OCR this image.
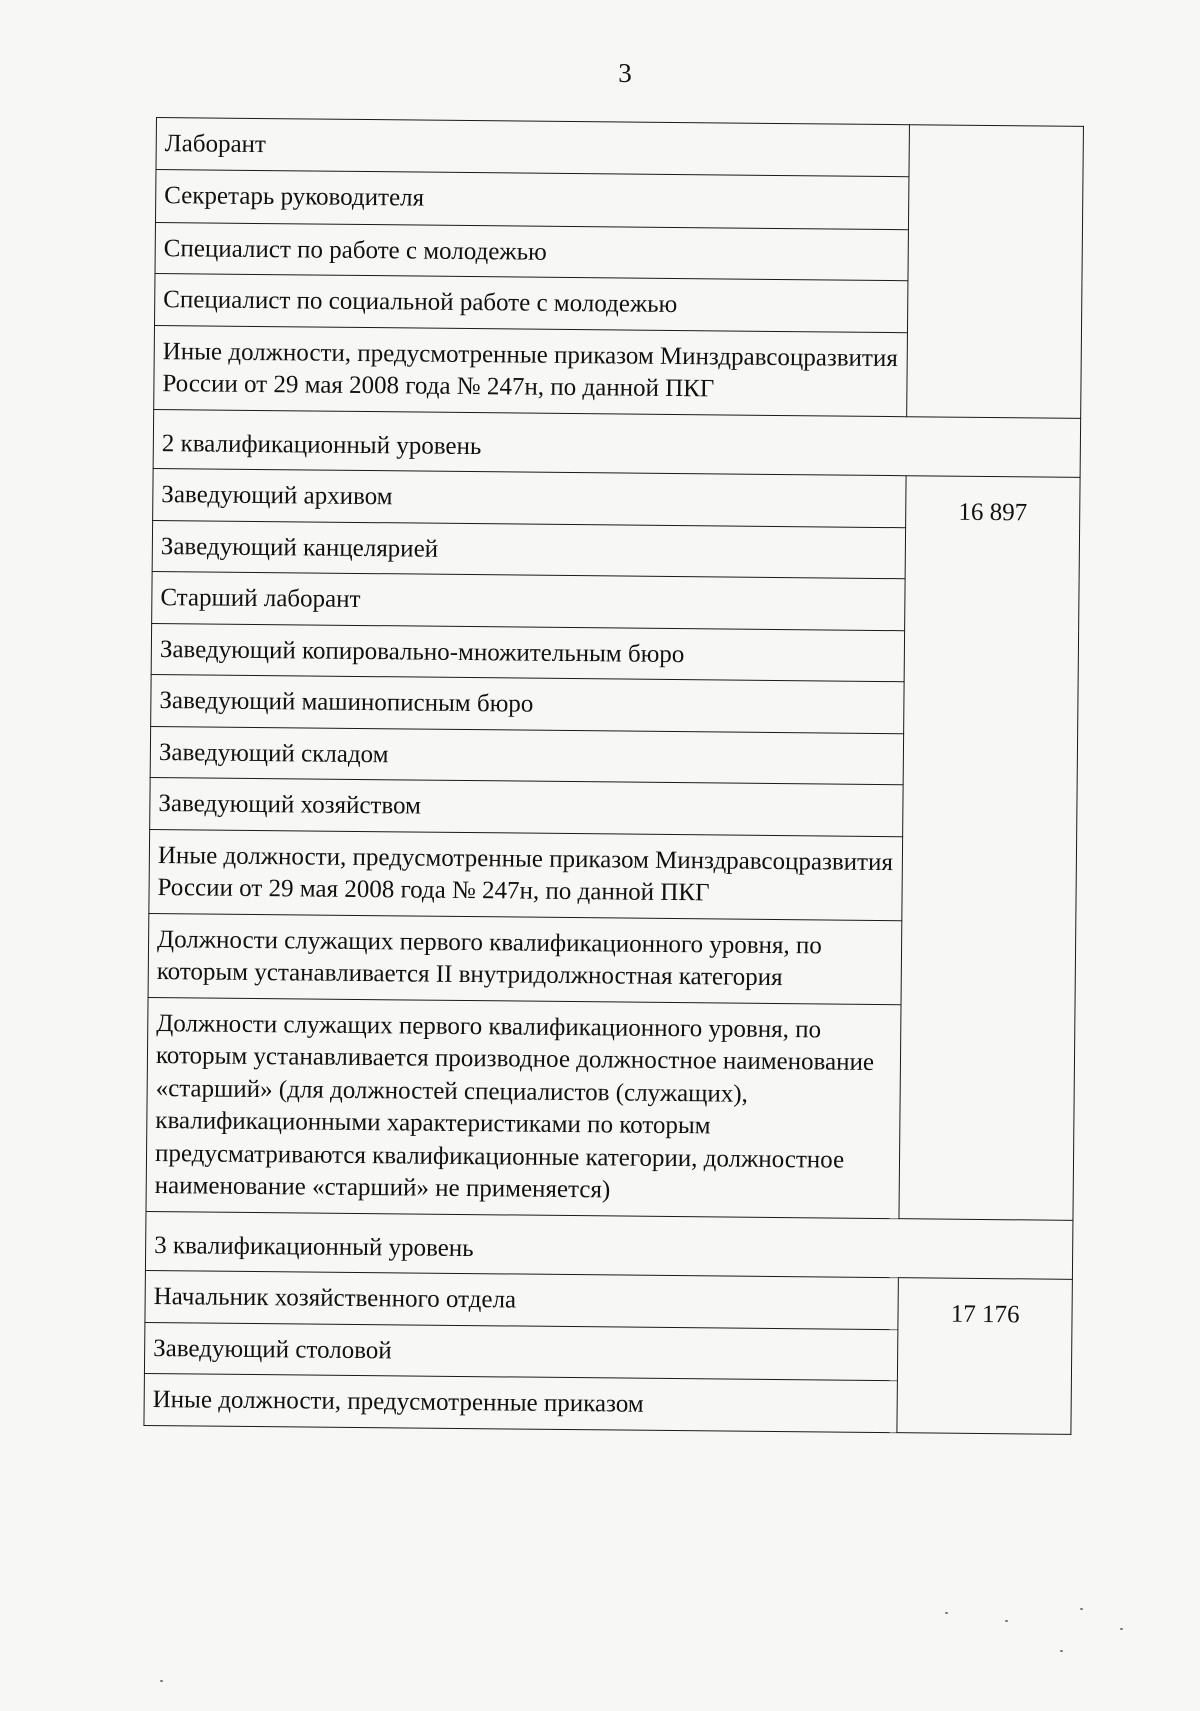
3
Лаборант	
Секретарь руководителя	
Специалист по работе с молодежью	
Специалист по социальной работе с молодежью	
Иные должности, предусмотренные приказом Минздравсоцразвития России от 29 мая 2008 года № 247н, по данной ПКГ	
2 квалификационный уровень	
Заведующий архивом	16 897
Заведующий канцелярией	
Старший лаборант	
Заведующий копировально-множительным бюро	
Заведующий машинописным бюро	
Заведующий складом	
Заведующий хозяйством	
Иные должности, предусмотренные приказом Минздравсоцразвития России от 29 мая 2008 года № 247н, по данной ПКГ	
Должности служащих первого квалификационного уровня, по которым устанавливается II внутридолжностная категория	
Должности служащих первого квалификационного уровня, по которым устанавливается производное должностное наименование «старший» (для должностей специалистов (служащих), квалификационными характеристиками по которым предусматриваются квалификационные категории, должностное наименование «старший» не применяется)	
3 квалификационный уровень	
Начальник хозяйственного отдела	17 176
Заведующий столовой	
Иные должности, предусмотренные приказом	
